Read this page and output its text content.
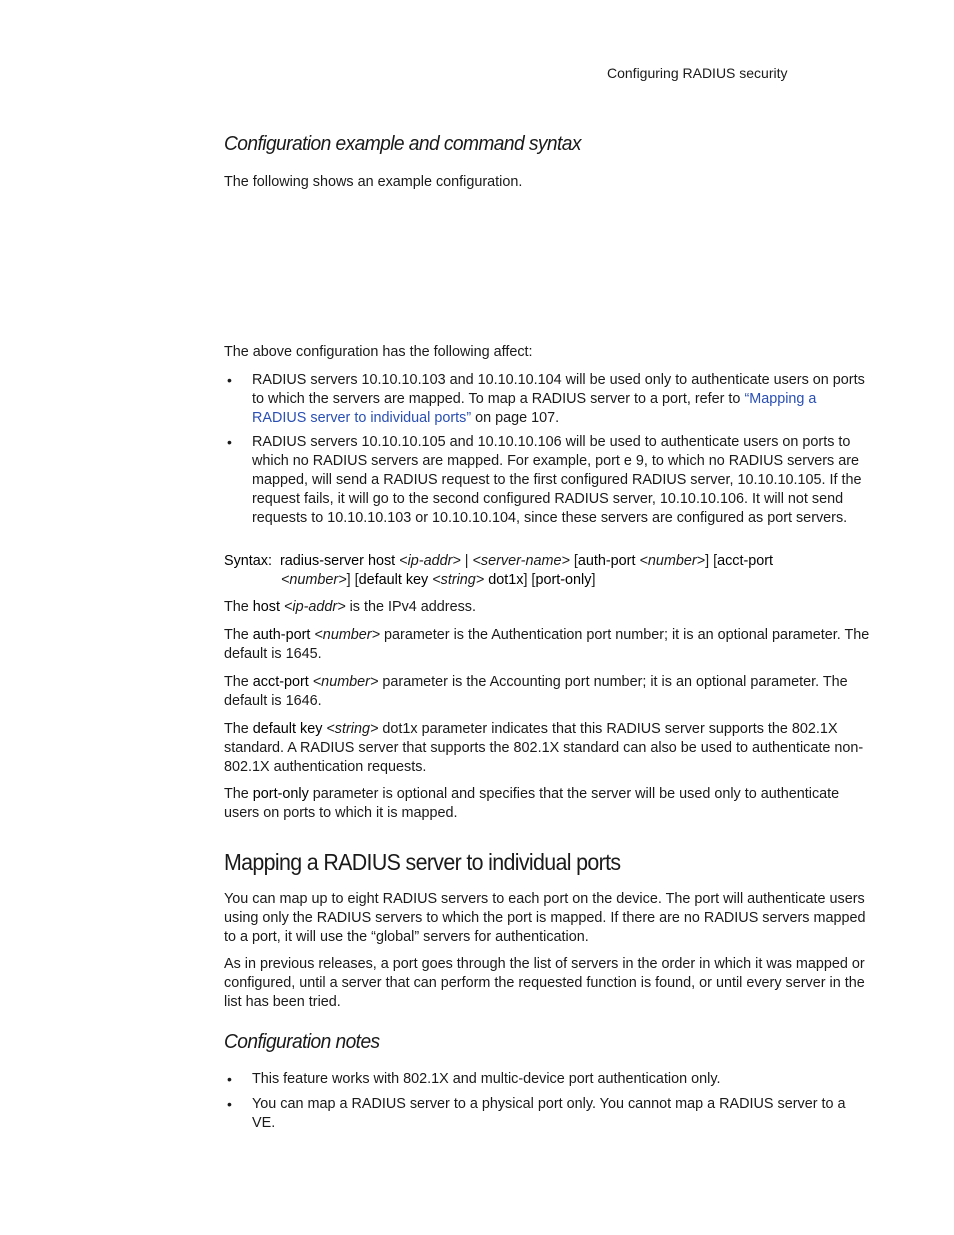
Configuring RADIUS security
Configuration example and command syntax

The following shows an example configuration.

The above configuration has the following affect:

• RADIUS servers 10.10.10.103 and 10.10.10.104 will be used only to authenticate users on ports to which the servers are mapped. To map a RADIUS server to a port, refer to “Mapping a RADIUS server to individual ports” on page 107.
• RADIUS servers 10.10.10.105 and 10.10.10.106 will be used to authenticate users on ports to which no RADIUS servers are mapped. For example, port e 9, to which no RADIUS servers are mapped, will send a RADIUS request to the first configured RADIUS server, 10.10.10.105. If the request fails, it will go to the second configured RADIUS server, 10.10.10.106. It will not send requests to 10.10.10.103 or 10.10.10.104, since these servers are configured as port servers.
Syntax: radius-server host <ip-addr> | <server-name> [auth-port <number>] [acct-port
<number>] [default key <string> dot1x] [port-only]

The host <ip-addr> is the IPv4 address.

The auth-port <number> parameter is the Authentication port number; it is an optional parameter. The default is 1645.

The acct-port <number> parameter is the Accounting port number; it is an optional parameter. The default is 1646.

The default key <string> dot1x parameter indicates that this RADIUS server supports the 802.1X standard. A RADIUS server that supports the 802.1X standard can also be used to authenticate non-802.1X authentication requests.

The port-only parameter is optional and specifies that the server will be used only to authenticate users on ports to which it is mapped.

Mapping a RADIUS server to individual ports

You can map up to eight RADIUS servers to each port on the device. The port will authenticate users using only the RADIUS servers to which the port is mapped. If there are no RADIUS servers mapped to a port, it will use the “global” servers for authentication.

As in previous releases, a port goes through the list of servers in the order in which it was mapped or configured, until a server that can perform the requested function is found, or until every server in the list has been tried.

Configuration notes
• This feature works with 802.1X and multic-device port authentication only.
• You can map a RADIUS server to a physical port only. You cannot map a RADIUS server to a VE.
